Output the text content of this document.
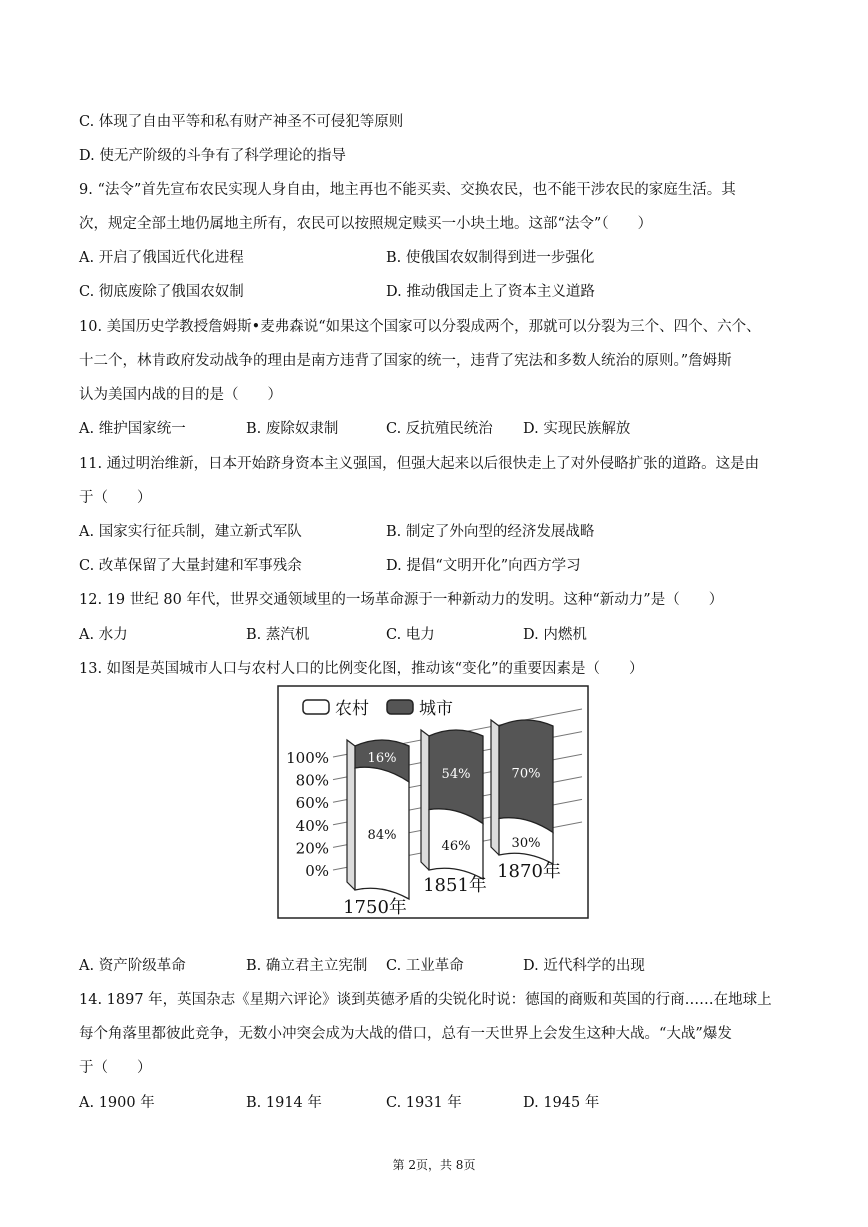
C. 体现了自由平等和私有财产神圣不可侵犯等原则
D. 使无产阶级的斗争有了科学理论的指导
9. “法令”首先宣布农民实现人身自由，地主再也不能买卖、交换农民，也不能干涉农民的家庭生活。其
次，规定全部土地仍属地主所有，农民可以按照规定赎买一小块土地。这部“法令”（　　）
A. 开启了俄国近代化进程	B. 使俄国农奴制得到进一步强化
C. 彻底废除了俄国农奴制	D. 推动俄国走上了资本主义道路
10. 美国历史学教授詹姆斯•麦弗森说“如果这个国家可以分裂成两个，那就可以分裂为三个、四个、六个、
十二个，林肯政府发动战争的理由是南方违背了国家的统一，违背了宪法和多数人统治的原则。”詹姆斯
认为美国内战的目的是（　　）
A. 维护国家统一	B. 废除奴隶制	C. 反抗殖民统治 D. 实现民族解放
11. 通过明治维新，日本开始跻身资本主义强国，但强大起来以后很快走上了对外侵略扩张的道路。这是由
于（　　）
A. 国家实行征兵制，建立新式军队	B. 制定了外向型的经济发展战略
C. 改革保留了大量封建和军事残余	D. 提倡“文明开化”向西方学习
12. 19 世纪 80 年代，世界交通领域里的一场革命源于一种新动力的发明。这种“新动力”是（　　）
A. 水力	B. 蒸汽机	C. 电力	D. 内燃机
13. 如图是英国城市人口与农村人口的比例变化图，推动该“变化”的重要因素是（　　）
农村	城市
100%
80%
60%
40%
20%
0%
16%
84%
54%
46%
70%
30%
1750年
1851年
1870年
A. 资产阶级革命	B. 确立君主立宪制 C. 工业革命	D. 近代科学的出现
14. 1897 年，英国杂志《星期六评论》谈到英德矛盾的尖锐化时说：德国的商贩和英国的行商……在地球上
每个角落里都彼此竞争，无数小冲突会成为大战的借口，总有一天世界上会发生这种大战。“大战”爆发
于（　　）
A. 1900 年	B. 1914 年	C. 1931 年	D. 1945 年
第 2页，共 8页
